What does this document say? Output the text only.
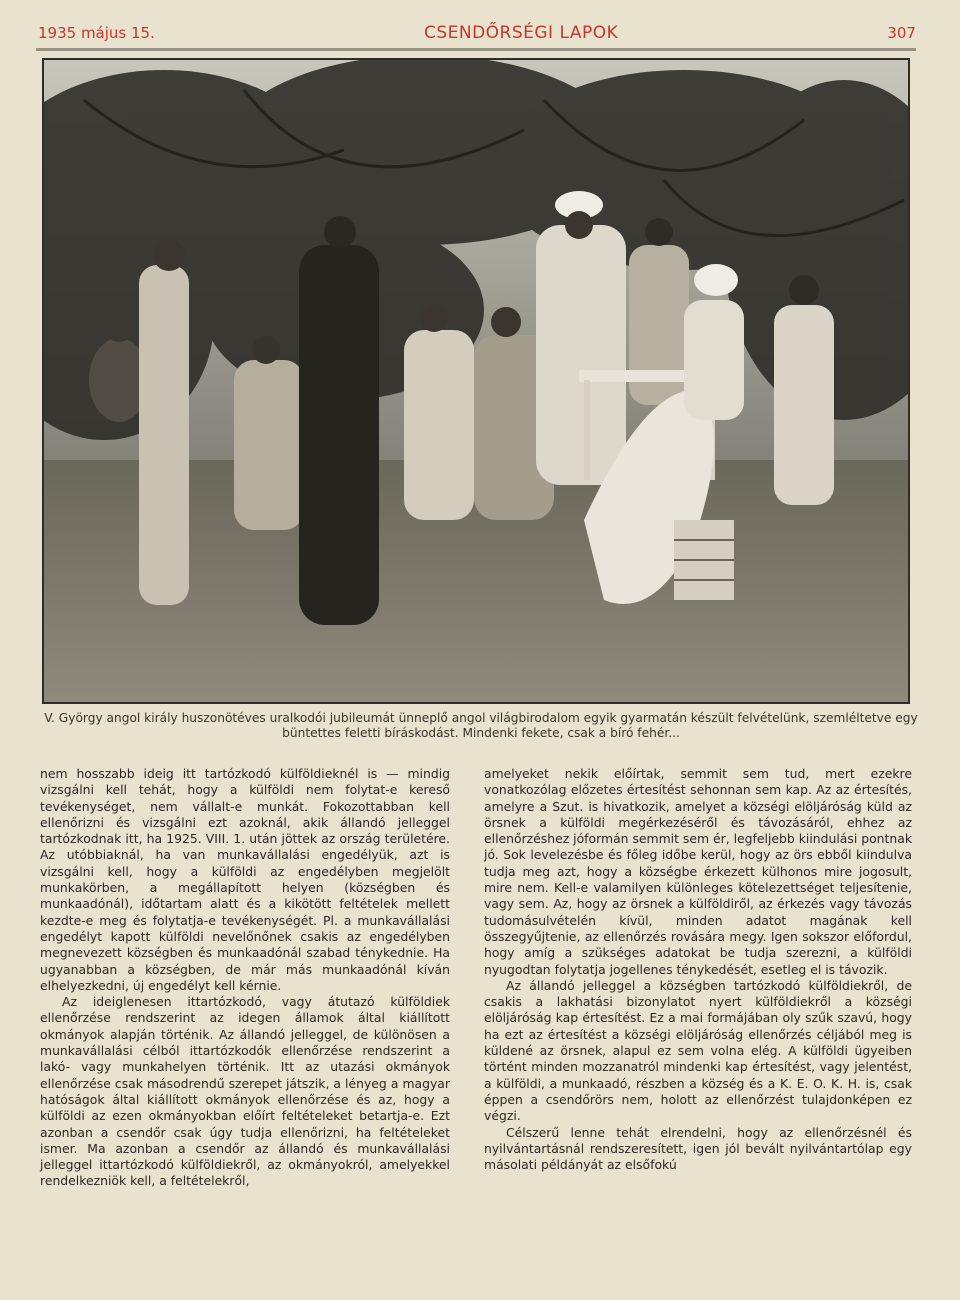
1935 május 15.	CSENDŐRSÉGI LAPOK	307
V. György angol király huszonötéves uralkodói jubileumát ünneplő angol világbirodalom egyik gyarmatán készült felvételünk, szemléltetve egy büntettes feletti bíráskodást. Mindenki fekete, csak a bíró fehér...

nem hosszabb ideig itt tartózkodó külföldieknél is — mindig vizsgálni kell tehát, hogy a külföldi nem folytat-e kereső tevékenységet, nem vállalt-e munkát. Fokozottabban kell ellenőrizni és vizsgálni ezt azoknál, akik állandó jelleggel tartózkodnak itt, ha 1925. VIII. 1. után jöttek az ország területére. Az utóbbiaknál, ha van munkavállalási engedélyük, azt is vizsgálni kell, hogy a külföldi az engedélyben megjelölt munkakörben, a megállapított helyen (községben és munkaadónál), időtartam alatt és a kikötött feltételek mellett kezdte-e meg és folytatja-e tevékenységét. Pl. a munkavállalási engedélyt kapott külföldi nevelőnőnek csakis az engedélyben megnevezett községben és munkaadónál szabad ténykednie. Ha ugyanabban a községben, de már más munkaadónál kíván elhelyezkedni, új engedélyt kell kérnie.

Az ideiglenesen ittartózkodó, vagy átutazó külföldiek ellenőrzése rendszerint az idegen államok által kiállított okmányok alapján történik. Az állandó jelleggel, de különösen a munkavállalási célból ittartózkodók ellenőrzése rendszerint a lakó- vagy munkahelyen történik. Itt az utazási okmányok ellenőrzése csak másodrendű szerepet játszik, a lényeg a magyar hatóságok által kiállított okmányok ellenőrzése és az, hogy a külföldi az ezen okmányokban előírt feltételeket betartja-e. Ezt azonban a csendőr csak úgy tudja ellenőrizni, ha feltételeket ismer. Ma azonban a csendőr az állandó és munkavállalási jelleggel ittartózkodó külföldiekről, az okmányokról, amelyekkel rendelkezniök kell, a feltételekről,

amelyeket nekik előírtak, semmit sem tud, mert ezekre vonatkozólag előzetes értesítést sehonnan sem kap. Az az értesítés, amelyre a Szut. is hivatkozik, amelyet a községi elöljáróság küld az örsnek a külföldi megérkezéséről és távozásáról, ehhez az ellenőrzéshez jóformán semmit sem ér, legfeljebb kiindulási pontnak jó. Sok levelezésbe és főleg időbe kerül, hogy az örs ebből kiindulva tudja meg azt, hogy a községbe érkezett külhonos mire jogosult, mire nem. Kell-e valamilyen különleges kötelezettséget teljesítenie, vagy sem. Az, hogy az örsnek a külföldiről, az érkezés vagy távozás tudomásulvételén kívül, minden adatot magának kell összegyűjtenie, az ellenőrzés rovására megy. Igen sokszor előfordul, hogy amíg a szükséges adatokat be tudja szerezni, a külföldi nyugodtan folytatja jogellenes ténykedését, esetleg el is távozik.

Az állandó jelleggel a községben tartózkodó külföldiekről, de csakis a lakhatási bizonylatot nyert külföldiekről a községi elöljáróság kap értesítést. Ez a mai formájában oly szűk szavú, hogy ha ezt az értesítést a községi elöljáróság ellenőrzés céljából meg is küldené az örsnek, alapul ez sem volna elég. A külföldi ügyeiben történt minden mozzanatról mindenki kap értesítést, vagy jelentést, a külföldi, a munkaadó, részben a község és a K. E. O. K. H. is, csak éppen a csendőrörs nem, holott az ellenőrzést tulajdonképen ez végzi.

Célszerű lenne tehát elrendelni, hogy az ellenőrzésnél és nyilvántartásnál rendszeresített, igen jól bevált nyilvántartólap egy másolati példányát az elsőfokú
